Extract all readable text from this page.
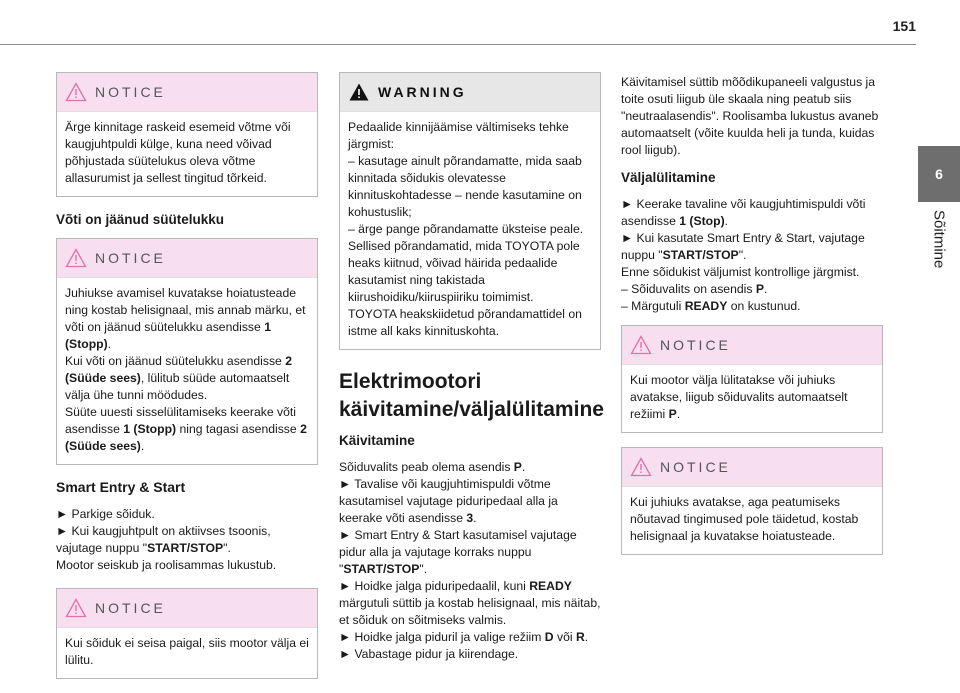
151
6
Sõitmine
NOTICE

Ärge kinnitage raskeid esemeid võtme või kaugjuhtpuldi külge, kuna need võivad põhjustada süütelukus oleva võtme allasurumist ja sellest tingitud tõrkeid.

Võti on jäänud süütelukku
NOTICE
Juhiukse avamisel kuvatakse hoiatusteade ning kostab helisignaal, mis annab märku, et võti on jäänud süütelukku asendisse 1 (Stopp).
Kui võti on jäänud süütelukku asendisse 2 (Süüde sees), lülitub süüde automaatselt välja ühe tunni möödudes.
Süüte uuesti sisselülitamiseks keerake võti asendisse 1 (Stopp) ning tagasi asendisse 2 (Süüde sees).
Smart Entry & Start

► Parkige sõiduk.
► Kui kaugjuhtpult on aktiivses tsoonis, vajutage nuppu "START/STOP".
Mootor seiskub ja roolisammas lukustub.

NOTICE

Kui sõiduk ei seisa paigal, siis mootor välja ei lülitu.

WARNING
Pedaalide kinnijäämise vältimiseks tehke järgmist:
– kasutage ainult põrandamatte, mida saab kinnitada sõidukis olevatesse kinnituskohtadesse – nende kasutamine on kohustuslik;
– ärge pange põrandamatte üksteise peale.
Sellised põrandamatid, mida TOYOTA pole heaks kiitnud, võivad häirida pedaalide kasutamist ning takistada kiirushoidiku/kiiruspiiriku toimimist.
TOYOTA heakskiidetud põrandamattidel on istme all kaks kinnituskohta.
Elektrimootori käivitamine/väljalülitamine
Käivitamine

Sõiduvalits peab olema asendis P.
► Tavalise või kaugjuhtimispuldi võtme kasutamisel vajutage piduripedaal alla ja keerake võti asendisse 3.
► Smart Entry & Start kasutamisel vajutage pidur alla ja vajutage korraks nuppu "START/STOP".
► Hoidke jalga piduripedaalil, kuni READY märgutuli süttib ja kostab helisignaal, mis näitab, et sõiduk on sõitmiseks valmis.
► Hoidke jalga piduril ja valige režiim D või R.
► Vabastage pidur ja kiirendage.

Käivitamisel süttib mõõdikupaneeli valgustus ja toite osuti liigub üle skaala ning peatub siis "neutraalasendis". Roolisamba lukustus avaneb automaatselt (võite kuulda heli ja tunda, kuidas rool liigub).

Väljalülitamine

► Keerake tavaline või kaugjuhtimispuldi võti asendisse 1 (Stop).
► Kui kasutate Smart Entry & Start, vajutage nuppu "START/STOP".
Enne sõidukist väljumist kontrollige järgmist.
– Sõiduvalits on asendis P.
– Märgutuli READY on kustunud.

NOTICE
Kui mootor välja lülitatakse või juhiuks avatakse, liigub sõiduvalits automaatselt režiimi P.
NOTICE

Kui juhiuks avatakse, aga peatumiseks nõutavad tingimused pole täidetud, kostab helisignaal ja kuvatakse hoiatusteade.
